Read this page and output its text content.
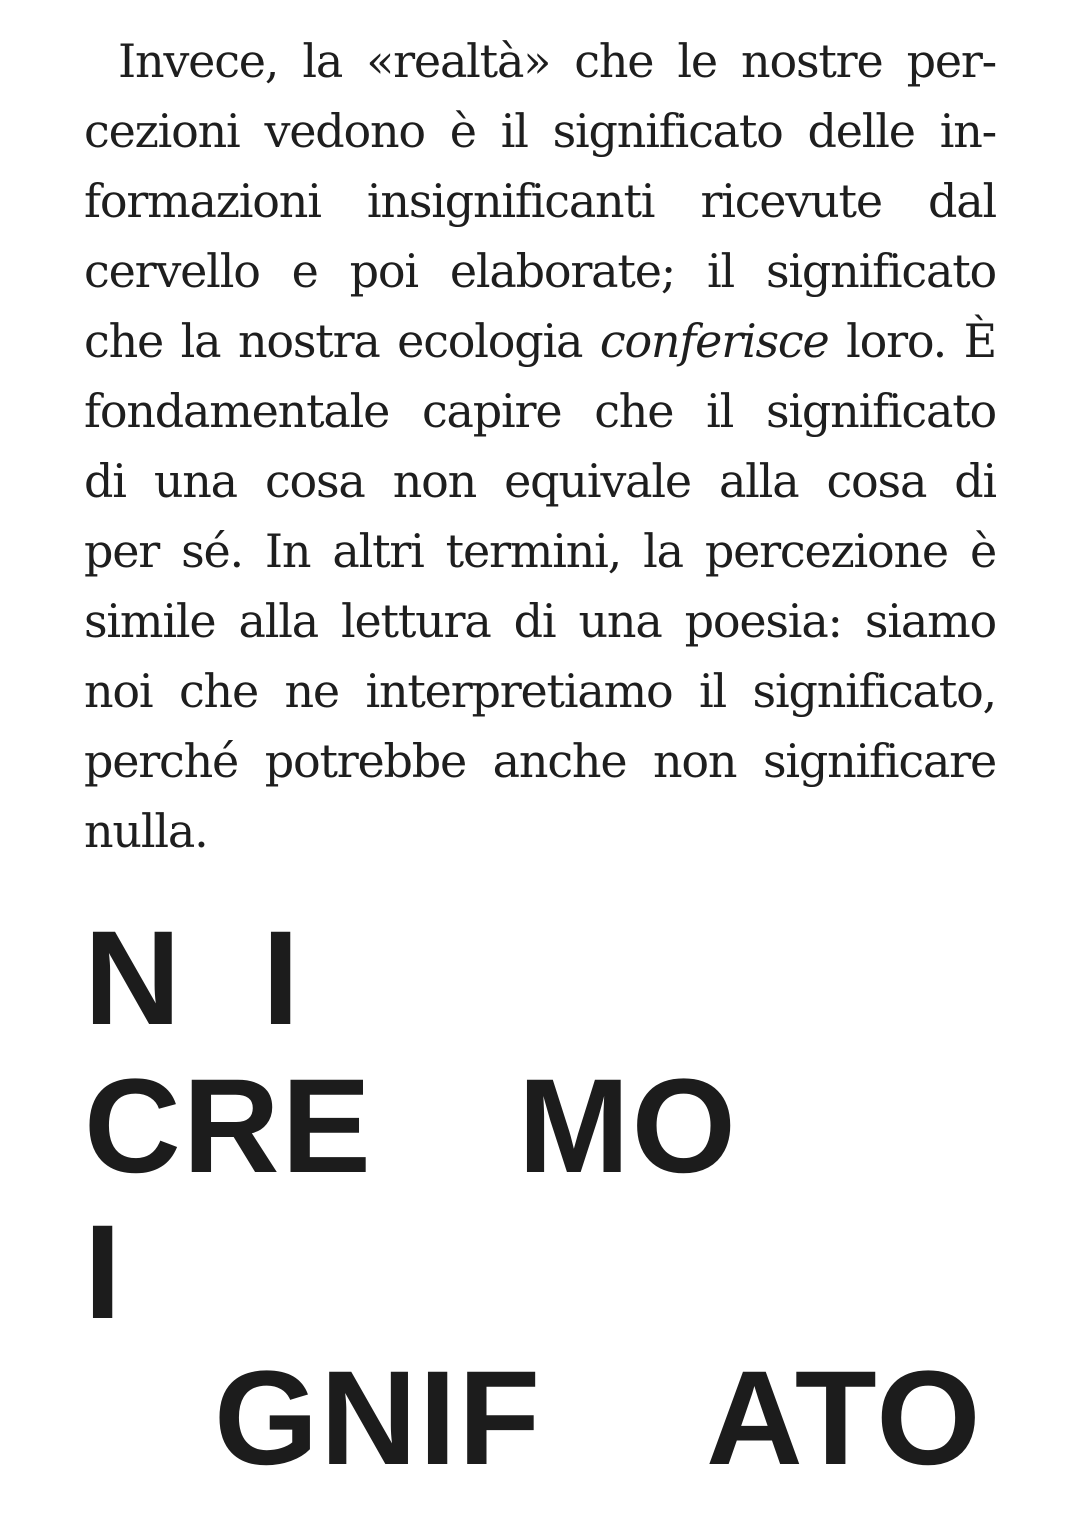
Invece, la «realtà» che le nostre per-
cezioni vedono è il significato delle in-
formazioni insignificanti ricevute dal
cervello e poi elaborate; il significato
che la nostra ecologia conferisce loro. È
fondamentale capire che il significato
di una cosa non equivale alla cosa di
per sé. In altri termini, la percezione è
simile alla lettura di una poesia: siamo
noi che ne interpretiamo il significato,
perché potrebbe anche non significare
nulla.
N I
CRE MO
I
GNIF ATO
